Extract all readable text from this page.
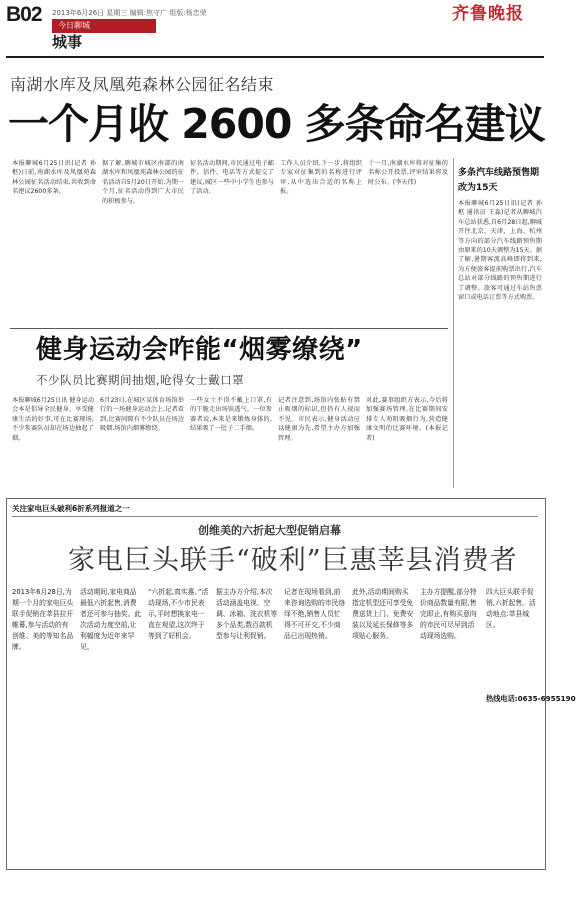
B02 2013年6月26日 星期三 编辑:焦守广 组版:杨忠荣
今日聊城
城事
齐鲁晚报
南湖水库及凤凰苑森林公园征名结束
一个月收 2600 多条命名建议
本报聊城6月25日讯(记者 孙枢)日前,南湖水库及凤凰苑森林公园征名活动结束,共收到命名建议2600多条。
据了解,聊城市城区南部的南湖水库和凤凰苑森林公园的征名活动自5月20日开始,为期一个月,征名活动得到广大市民的积极参与。
征名活动期间,市民通过电子邮件、信件、电话等方式提交了建议,城区一些中小学生也参与了活动。
工作人员介绍,下一步,将组织专家对征集到的名称进行评审,从中选出合适的名称上报。
十一月,南湖水库将对征集的名称公开投票,评审结果将及时公布。(李天伟)
多条汽车线路预售期改为15天
本报聊城6月25日讯(记者 孙枢 通讯员 王淼)记者从聊城汽车总站获悉,自6月28日起,聊城开往北京、天津、上海、杭州等方向的部分汽车线路预售期由原来的10天调整为15天。据了解,暑期客流高峰即将到来,为方便旅客提前购票出行,汽车总站对部分线路的预售期进行了调整。旅客可通过车站售票窗口或电话订票等方式购票。
健身运动会咋能“烟雾缭绕”
不少队员比赛期间抽烟,呛得女士戴口罩
本报聊城6月25日讯 健身运动会本是倡导全民健身、享受健康生活的好事,可在比赛现场,不少参赛队员却在场边抽起了烟。
6月23日,在城区某体育场馆举行的一场健身运动会上,记者看到,比赛间隙有不少队员在场边吸烟,场馆内烟雾缭绕。
一些女士不得不戴上口罩,有的干脆走出场馆透气。一位参赛者说,本来是来锻炼身体的,结果吸了一肚子二手烟。
记者注意到,场馆内张贴有禁止吸烟的标识,但仍有人视而不见。市民表示,健身活动应以健康为先,希望主办方加强管理。
对此,赛事组织方表示,今后将加强赛场管理,在比赛期间安排专人劝阻吸烟行为,营造健康文明的比赛环境。(本报记者)
关注家电巨头破利6折系列报道之一
创维美的六折起大型促销启幕
家电巨头联手“破利”巨惠莘县消费者
2013年6月28日,为期一个月的家电巨头联手促销在莘县拉开帷幕,参与活动的有创维、美的等知名品牌。
活动期间,家电商品最低六折起售,消费者还可参与抽奖。此次活动力度空前,让利幅度为近年来罕见。
“六折起,真实惠。”活动现场,不少市民表示,平时想换家电一直在观望,这次终于等到了好机会。
据主办方介绍,本次活动涵盖电视、空调、冰箱、洗衣机等多个品类,数百款机型参与让利促销。
记者在现场看到,前来咨询选购的市民络绎不绝,销售人员忙得不可开交,不少商品已出现热销。
此外,活动期间购买指定机型还可享受免费送货上门、免费安装以及延长保修等多项贴心服务。
主办方提醒,部分特价商品数量有限,售完即止,有购买意向的市民可尽早到活动现场选购。
四大巨头联手促销,六折起售。活动地点:莘县城区。
热线电话:0635-6955190
